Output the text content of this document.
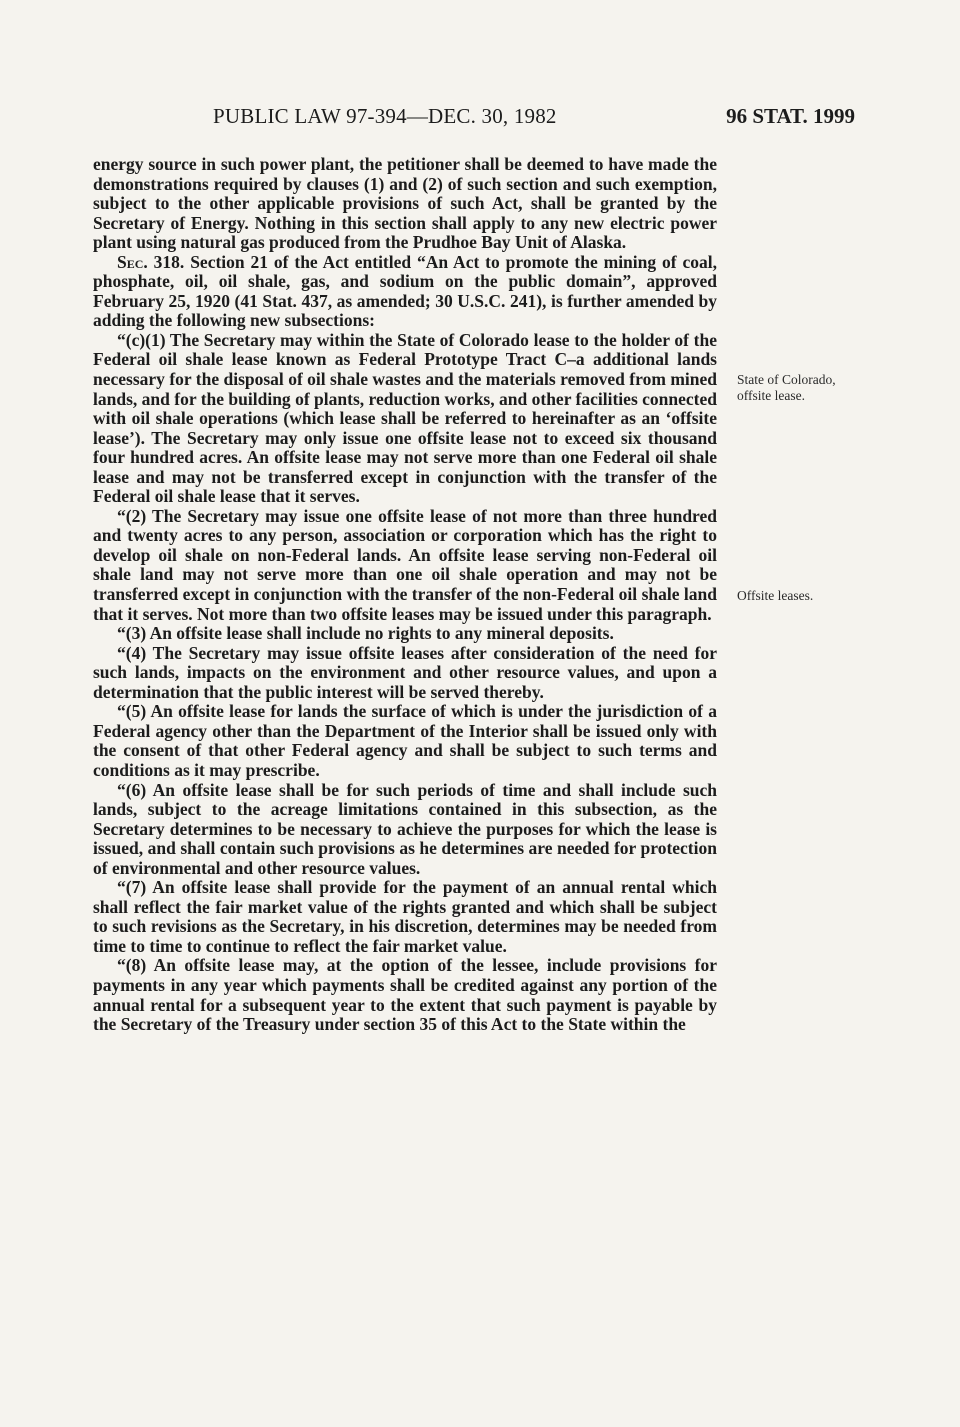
PUBLIC LAW 97-394—DEC. 30, 1982	96 STAT. 1999

energy source in such power plant, the petitioner shall be deemed to have made the demonstrations required by clauses (1) and (2) of such section and such exemption, subject to the other applicable provisions of such Act, shall be granted by the Secretary of Energy. Nothing in this section shall apply to any new electric power plant using natural gas produced from the Prudhoe Bay Unit of Alaska.

Sec. 318. Section 21 of the Act entitled “An Act to promote the mining of coal, phosphate, oil, oil shale, gas, and sodium on the public domain”, approved February 25, 1920 (41 Stat. 437, as amended; 30 U.S.C. 241), is further amended by adding the following new subsections:

“(c)(1) The Secretary may within the State of Colorado lease to the holder of the Federal oil shale lease known as Federal Prototype Tract C–a additional lands necessary for the disposal of oil shale wastes and the materials removed from mined lands, and for the building of plants, reduction works, and other facilities connected with oil shale operations (which lease shall be referred to hereinafter as an ‘offsite lease’). The Secretary may only issue one offsite lease not to exceed six thousand four hundred acres. An offsite lease may not serve more than one Federal oil shale lease and may not be transferred except in conjunction with the transfer of the Federal oil shale lease that it serves.

“(2) The Secretary may issue one offsite lease of not more than three hundred and twenty acres to any person, association or corporation which has the right to develop oil shale on non-Federal lands. An offsite lease serving non-Federal oil shale land may not serve more than one oil shale operation and may not be transferred except in conjunction with the transfer of the non-Federal oil shale land that it serves. Not more than two offsite leases may be issued under this paragraph.

“(3) An offsite lease shall include no rights to any mineral deposits.

“(4) The Secretary may issue offsite leases after consideration of the need for such lands, impacts on the environment and other resource values, and upon a determination that the public interest will be served thereby.

“(5) An offsite lease for lands the surface of which is under the jurisdiction of a Federal agency other than the Department of the Interior shall be issued only with the consent of that other Federal agency and shall be subject to such terms and conditions as it may prescribe.

“(6) An offsite lease shall be for such periods of time and shall include such lands, subject to the acreage limitations contained in this subsection, as the Secretary determines to be necessary to achieve the purposes for which the lease is issued, and shall contain such provisions as he determines are needed for protection of environmental and other resource values.

“(7) An offsite lease shall provide for the payment of an annual rental which shall reflect the fair market value of the rights granted and which shall be subject to such revisions as the Secretary, in his discretion, determines may be needed from time to time to continue to reflect the fair market value.

“(8) An offsite lease may, at the option of the lessee, include provisions for payments in any year which payments shall be credited against any portion of the annual rental for a subsequent year to the extent that such payment is payable by the Secretary of the Treasury under section 35 of this Act to the State within the

State of Colorado, offsite lease.
Offsite leases.
